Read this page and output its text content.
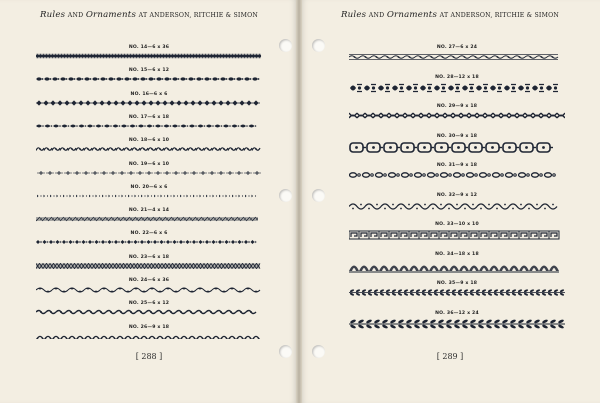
Rules AND Ornaments AT ANDERSON, RITCHIE & SIMON	Rules AND Ornaments AT ANDERSON, RITCHIE & SIMON
NO. 14—6 x 36
NO. 15—6 x 12
NO. 16—6 x 6
NO. 17—6 x 18
NO. 18—6 x 10
NO. 19—6 x 10
NO. 20—6 x 6
NO. 21—4 x 14
NO. 22—6 x 6
NO. 23—6 x 18
NO. 24—6 x 36
NO. 25—6 x 12
NO. 26—9 x 18
NO. 27—6 x 24
NO. 28—12 x 18
NO. 29—9 x 18
NO. 30—9 x 18
NO. 31—9 x 18
NO. 32—9 x 12
NO. 33—10 x 10
NO. 34—18 x 18
NO. 35—9 x 18
NO. 36—12 x 24
[ 288 ]	[ 289 ]
